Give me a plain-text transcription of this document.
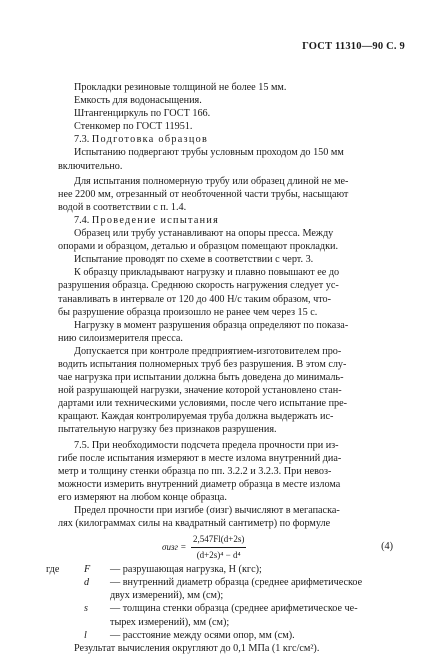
ГОСТ 11310—90 С. 9
Прокладки резиновые толщиной не более 15 мм.
Емкость для водонасыщения.
Штангенциркуль по ГОСТ 166.
Стенкомер по ГОСТ 11951.
7.3. Подготовка образцов
Испытанию подвергают трубы условным проходом до 150 мм
включительно.
Для испытания полномерную трубу или образец длиной не ме-
нее 2200 мм, отрезанный от необточенной части трубы, насыщают
водой в соответствии с п. 1.4.
7.4. Проведение испытания
Образец или трубу устанавливают на опоры пресса. Между
опорами и образцом, деталью и образцом помещают прокладки.
Испытание проводят по схеме в соответствии с черт. 3.
К образцу прикладывают нагрузку и плавно повышают ее до
разрушения образца. Среднюю скорость нагружения следует ус-
танавливать в интервале от 120 до 400 Н/с таким образом, что-
бы разрушение образца произошло не ранее чем через 15 с.
Нагрузку в момент разрушения образца определяют по показа-
нию силоизмерителя пресса.
Допускается при контроле предприятием-изготовителем про-
водить испытания полномерных труб без разрушения. В этом слу-
чае нагрузка при испытании должна быть доведена до минималь-
ной разрушающей нагрузки, значение которой установлено стан-
дартами или техническими условиями, после чего испытание пре-
кращают. Каждая контролируемая труба должна выдержать ис-
пытательную нагрузку без признаков разрушения.
7.5. При необходимости подсчета предела прочности при из-
гибе после испытания измеряют в месте излома внутренний диа-
метр и толщину стенки образца по пп. 3.2.2 и 3.2.3. При невоз-
можности измерить внутренний диаметр образца в месте излома
его измеряют на любом конце образца.
Предел прочности при изгибе (σизг) вычисляют в мегапаска-
лях (килограммах силы на квадратный сантиметр) по формуле
$\sigma изг = \frac{2,547Fl(d+2s)}{\text{(d+2s)⁴ − d⁴}}$	(4)
где F — разрушающая нагрузка, Н (кгс);
d — внутренний диаметр образца (среднее арифметическое
двух измерений), мм (см);
s — толщина стенки образца (среднее арифметическое че-
тырех измерений), мм (см);
l — расстояние между осями опор, мм (см).
Результат вычисления округляют до 0,1 МПа (1 кгс/см²).
